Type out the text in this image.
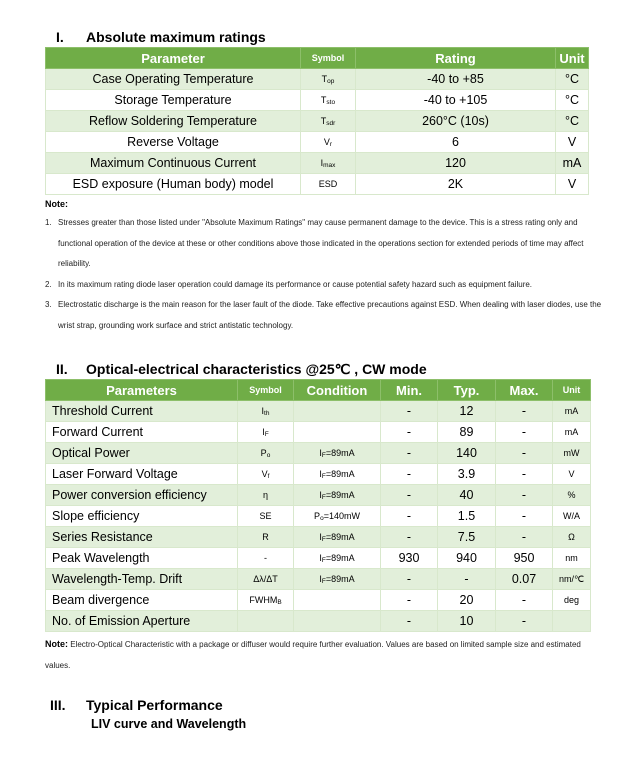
I. Absolute maximum ratings
Parameter	Symbol	Rating	Unit
Case Operating Temperature	Top	-40 to +85	°C
Storage Temperature	Tsto	-40 to +105	°C
Reflow Soldering Temperature	Tsdr	260°C (10s)	°C
Reverse Voltage	Vr	6	V
Maximum Continuous Current	Imax	120	mA
ESD exposure (Human body) model	ESD	2K	V
Note:
1. Stresses greater than those listed under "Absolute Maximum Ratings" may cause permanent damage to the device. This is a stress rating only and functional operation of the device at these or other conditions above those indicated in the operations section for extended periods of time may affect reliability.
2. In its maximum rating diode laser operation could damage its performance or cause potential safety hazard such as equipment failure.
3. Electrostatic discharge is the main reason for the laser fault of the diode. Take effective precautions against ESD. When dealing with laser diodes, use the wrist strap, grounding work surface and strict antistatic technology.
II. Optical-electrical characteristics @25℃ , CW mode
Parameters	Symbol	Condition	Min.	Typ.	Max.	Unit
Threshold Current	Ith		-	12	-	mA
Forward Current	IF		-	89	-	mA
Optical Power	Po	IF=89mA	-	140	-	mW
Laser Forward Voltage	Vf	IF=89mA	-	3.9	-	V
Power conversion efficiency	η	IF=89mA	-	40	-	%
Slope efficiency	SE	Po=140mW	-	1.5	-	W/A
Series Resistance	R	IF=89mA	-	7.5	-	Ω
Peak Wavelength	-	IF=89mA	930	940	950	nm
Wavelength-Temp. Drift	Δλ/ΔT	IF=89mA	-	-	0.07	nm/℃
Beam divergence	FWHMB		-	20	-	deg
No. of Emission Aperture			-	10	-	
Note: Electro-Optical Characteristic with a package or diffuser would require further evaluation. Values are based on limited sample size and estimated values.
III. Typical Performance
LIV curve and Wavelength
